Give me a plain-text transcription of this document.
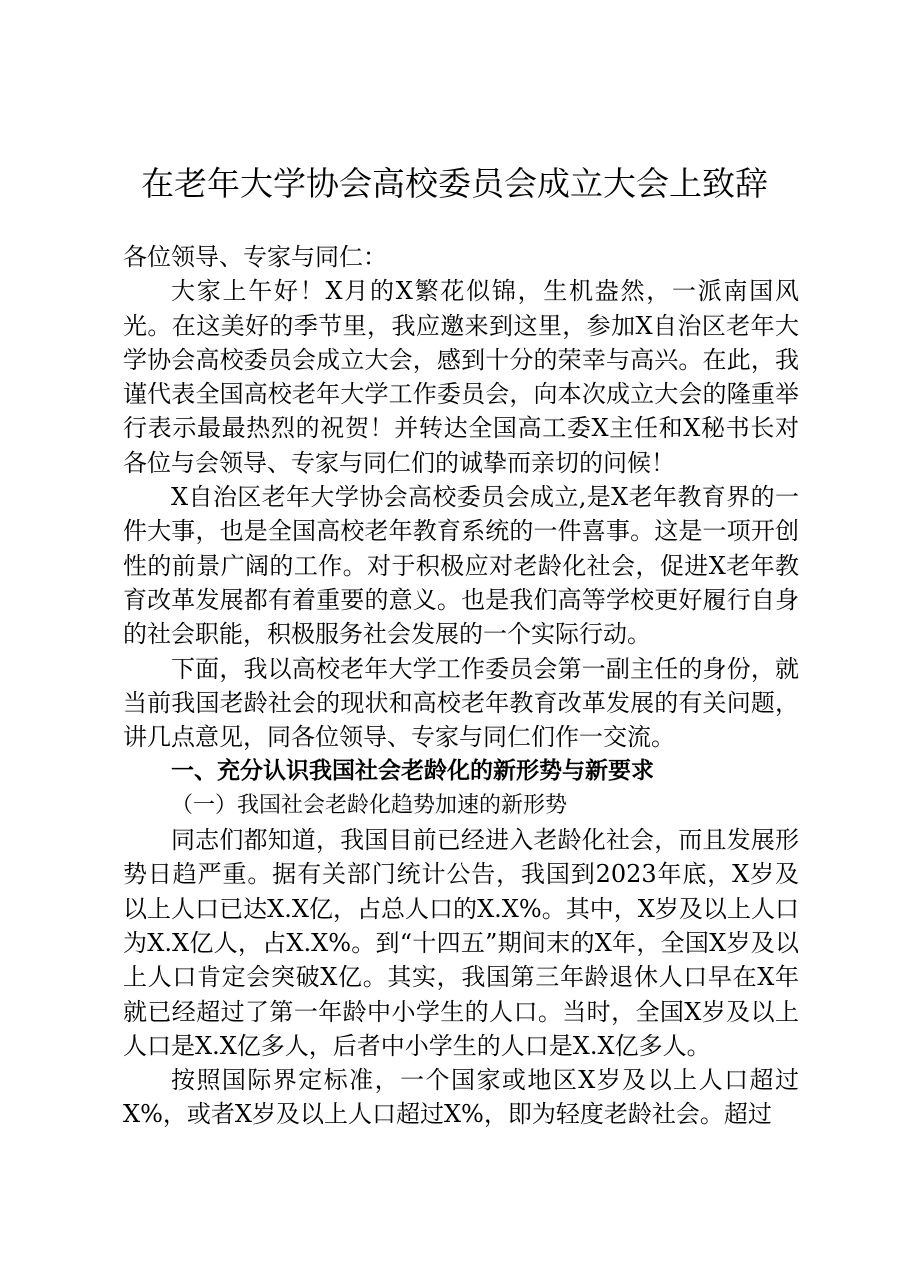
在老年大学协会高校委员会成立大会上致辞

各位领导、专家与同仁：

大家上午好！X月的X繁花似锦，生机盎然，一派南国风光。在这美好的季节里，我应邀来到这里，参加X自治区老年大学协会高校委员会成立大会，感到十分的荣幸与高兴。在此，我谨代表全国高校老年大学工作委员会，向本次成立大会的隆重举行表示最最热烈的祝贺！并转达全国高工委X主任和X秘书长对各位与会领导、专家与同仁们的诚挚而亲切的问候！

X自治区老年大学协会高校委员会成立,是X老年教育界的一件大事，也是全国高校老年教育系统的一件喜事。这是一项开创性的前景广阔的工作。对于积极应对老龄化社会，促进X老年教育改革发展都有着重要的意义。也是我们高等学校更好履行自身的社会职能，积极服务社会发展的一个实际行动。

下面，我以高校老年大学工作委员会第一副主任的身份，就当前我国老龄社会的现状和高校老年教育改革发展的有关问题，讲几点意见，同各位领导、专家与同仁们作一交流。

一、充分认识我国社会老龄化的新形势与新要求

（一）我国社会老龄化趋势加速的新形势

同志们都知道，我国目前已经进入老龄化社会，而且发展形势日趋严重。据有关部门统计公告，我国到2023年底，X岁及以上人口已达X.X亿，占总人口的X.X%。其中，X岁及以上人口为X.X亿人，占X.X%。到“十四五”期间末的X年，全国X岁及以上人口肯定会突破X亿。其实，我国第三年龄退休人口早在X年就已经超过了第一年龄中小学生的人口。当时，全国X岁及以上人口是X.X亿多人，后者中小学生的人口是X.X亿多人。

按照国际界定标准，一个国家或地区X岁及以上人口超过X%，或者X岁及以上人口超过X%，即为轻度老龄社会。超过
